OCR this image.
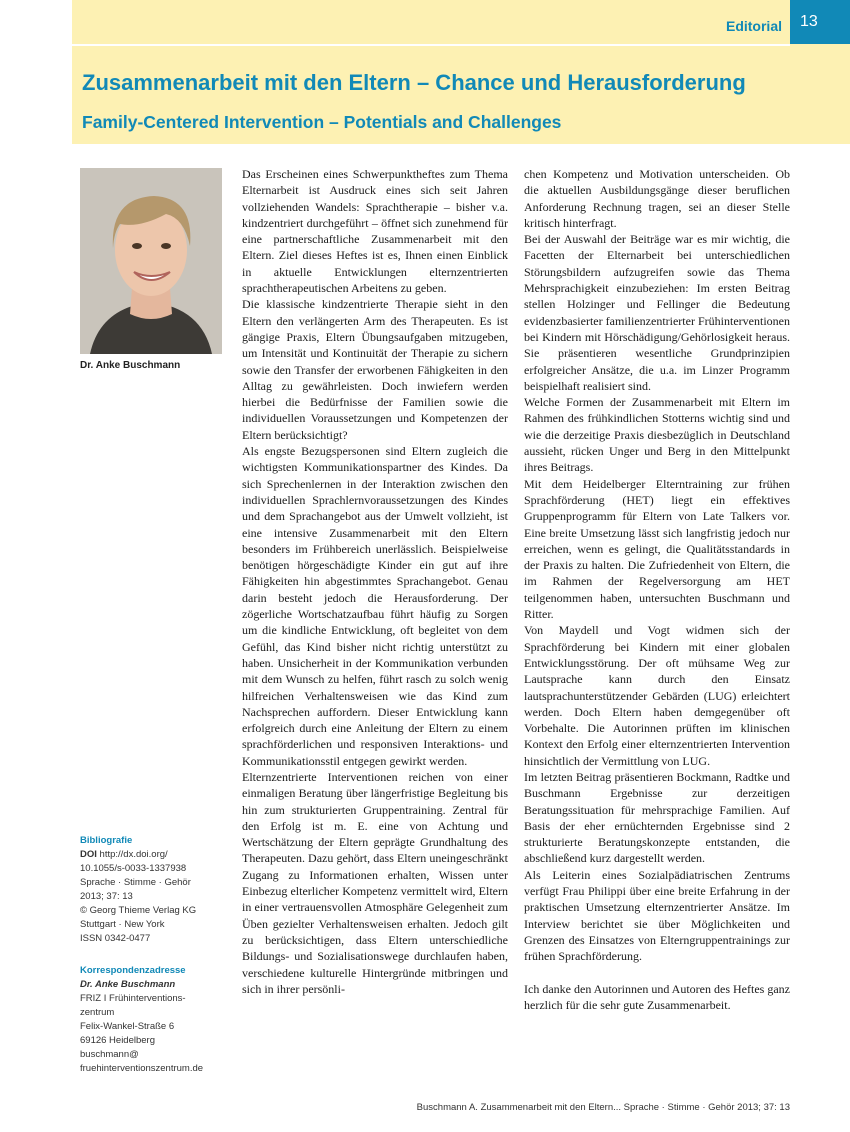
Editorial	13
Zusammenarbeit mit den Eltern – Chance und Herausforderung
Family-Centered Intervention – Potentials and Challenges
Dr. Anke Buschmann
Bibliografie
DOI http://dx.doi.org/
10.1055/s-0033-1337938
Sprache · Stimme · Gehör
2013; 37: 13
© Georg Thieme Verlag KG
Stuttgart · New York
ISSN 0342-0477
Korrespondenzadresse
Dr. Anke Buschmann
FRIZ I Frühinterventions-
zentrum
Felix-Wankel-Straße 6
69126 Heidelberg
buschmann@
fruehinterventionszentrum.de

Das Erscheinen eines Schwerpunktheftes zum Thema Elternarbeit ist Ausdruck eines sich seit Jahren vollziehenden Wandels: Sprachtherapie – bisher v.a. kindzentriert durchgeführt – öffnet sich zunehmend für eine partnerschaftliche Zusammenarbeit mit den Eltern. Ziel dieses Heftes ist es, Ihnen einen Einblick in aktuelle Entwicklungen elternzentrierten sprachtherapeutischen Arbeitens zu geben.

Die klassische kindzentrierte Therapie sieht in den Eltern den verlängerten Arm des Therapeuten. Es ist gängige Praxis, Eltern Übungsaufgaben mitzugeben, um Intensität und Kontinuität der Therapie zu sichern sowie den Transfer der erworbenen Fähigkeiten in den Alltag zu gewährleisten. Doch inwiefern werden hierbei die Bedürfnisse der Familien sowie die individuellen Voraussetzungen und Kompetenzen der Eltern berücksichtigt?

Als engste Bezugspersonen sind Eltern zugleich die wichtigsten Kommunikationspartner des Kindes. Da sich Sprechenlernen in der Interaktion zwischen den individuellen Sprachlernvoraussetzungen des Kindes und dem Sprachangebot aus der Umwelt vollzieht, ist eine intensive Zusammenarbeit mit den Eltern besonders im Frühbereich unerlässlich. Beispielweise benötigen hörgeschädigte Kinder ein gut auf ihre Fähigkeiten hin abgestimmtes Sprachangebot. Genau darin besteht jedoch die Herausforderung. Der zögerliche Wortschatzaufbau führt häufig zu Sorgen um die kindliche Entwicklung, oft begleitet von dem Gefühl, das Kind bisher nicht richtig unterstützt zu haben. Unsicherheit in der Kommunikation verbunden mit dem Wunsch zu helfen, führt rasch zu solch wenig hilfreichen Verhaltensweisen wie das Kind zum Nachsprechen auffordern. Dieser Entwicklung kann erfolgreich durch eine Anleitung der Eltern zu einem sprachförderlichen und responsiven Interaktions- und Kommunikationsstil entgegen gewirkt werden.

Elternzentrierte Interventionen reichen von einer einmaligen Beratung über längerfristige Begleitung bis hin zum strukturierten Gruppentraining. Zentral für den Erfolg ist m. E. eine von Achtung und Wertschätzung der Eltern geprägte Grundhaltung des Therapeuten. Dazu gehört, dass Eltern uneingeschränkt Zugang zu Informationen erhalten, Wissen unter Einbezug elterlicher Kompetenz vermittelt wird, Eltern in einer vertrauensvollen Atmosphäre Gelegenheit zum Üben gezielter Verhaltensweisen erhalten. Jedoch gilt zu berücksichtigen, dass Eltern unterschiedliche Bildungs- und Sozialisationswege durchlaufen haben, verschiedene kulturelle Hintergründe mitbringen und sich in ihrer persönli-

chen Kompetenz und Motivation unterscheiden. Ob die aktuellen Ausbildungsgänge dieser beruflichen Anforderung Rechnung tragen, sei an dieser Stelle kritisch hinterfragt.

Bei der Auswahl der Beiträge war es mir wichtig, die Facetten der Elternarbeit bei unterschiedlichen Störungsbildern aufzugreifen sowie das Thema Mehrsprachigkeit einzubeziehen: Im ersten Beitrag stellen Holzinger und Fellinger die Bedeutung evidenzbasierter familienzentrierter Frühinterventionen bei Kindern mit Hörschädigung/Gehörlosigkeit heraus. Sie präsentieren wesentliche Grundprinzipien erfolgreicher Ansätze, die u.a. im Linzer Programm beispielhaft realisiert sind.

Welche Formen der Zusammenarbeit mit Eltern im Rahmen des frühkindlichen Stotterns wichtig sind und wie die derzeitige Praxis diesbezüglich in Deutschland aussieht, rücken Unger und Berg in den Mittelpunkt ihres Beitrags.

Mit dem Heidelberger Elterntraining zur frühen Sprachförderung (HET) liegt ein effektives Gruppenprogramm für Eltern von Late Talkers vor. Eine breite Umsetzung lässt sich langfristig jedoch nur erreichen, wenn es gelingt, die Qualitätsstandards in der Praxis zu halten. Die Zufriedenheit von Eltern, die im Rahmen der Regelversorgung am HET teilgenommen haben, untersuchten Buschmann und Ritter.

Von Maydell und Vogt widmen sich der Sprachförderung bei Kindern mit einer globalen Entwicklungsstörung. Der oft mühsame Weg zur Lautsprache kann durch den Einsatz lautsprachunterstützender Gebärden (LUG) erleichtert werden. Doch Eltern haben demgegenüber oft Vorbehalte. Die Autorinnen prüften im klinischen Kontext den Erfolg einer elternzentrierten Intervention hinsichtlich der Vermittlung von LUG.

Im letzten Beitrag präsentieren Bockmann, Radtke und Buschmann Ergebnisse zur derzeitigen Beratungssituation für mehrsprachige Familien. Auf Basis der eher ernüchternden Ergebnisse sind 2 strukturierte Beratungskonzepte entstanden, die abschließend kurz dargestellt werden.

Als Leiterin eines Sozialpädiatrischen Zentrums verfügt Frau Philippi über eine breite Erfahrung in der praktischen Umsetzung elternzentrierter Ansätze. Im Interview berichtet sie über Möglichkeiten und Grenzen des Einsatzes von Elterngruppentrainings zur frühen Sprachförderung.

Ich danke den Autorinnen und Autoren des Heftes ganz herzlich für die sehr gute Zusammenarbeit.

Buschmann A. Zusammenarbeit mit den Eltern... Sprache · Stimme · Gehör 2013; 37: 13
